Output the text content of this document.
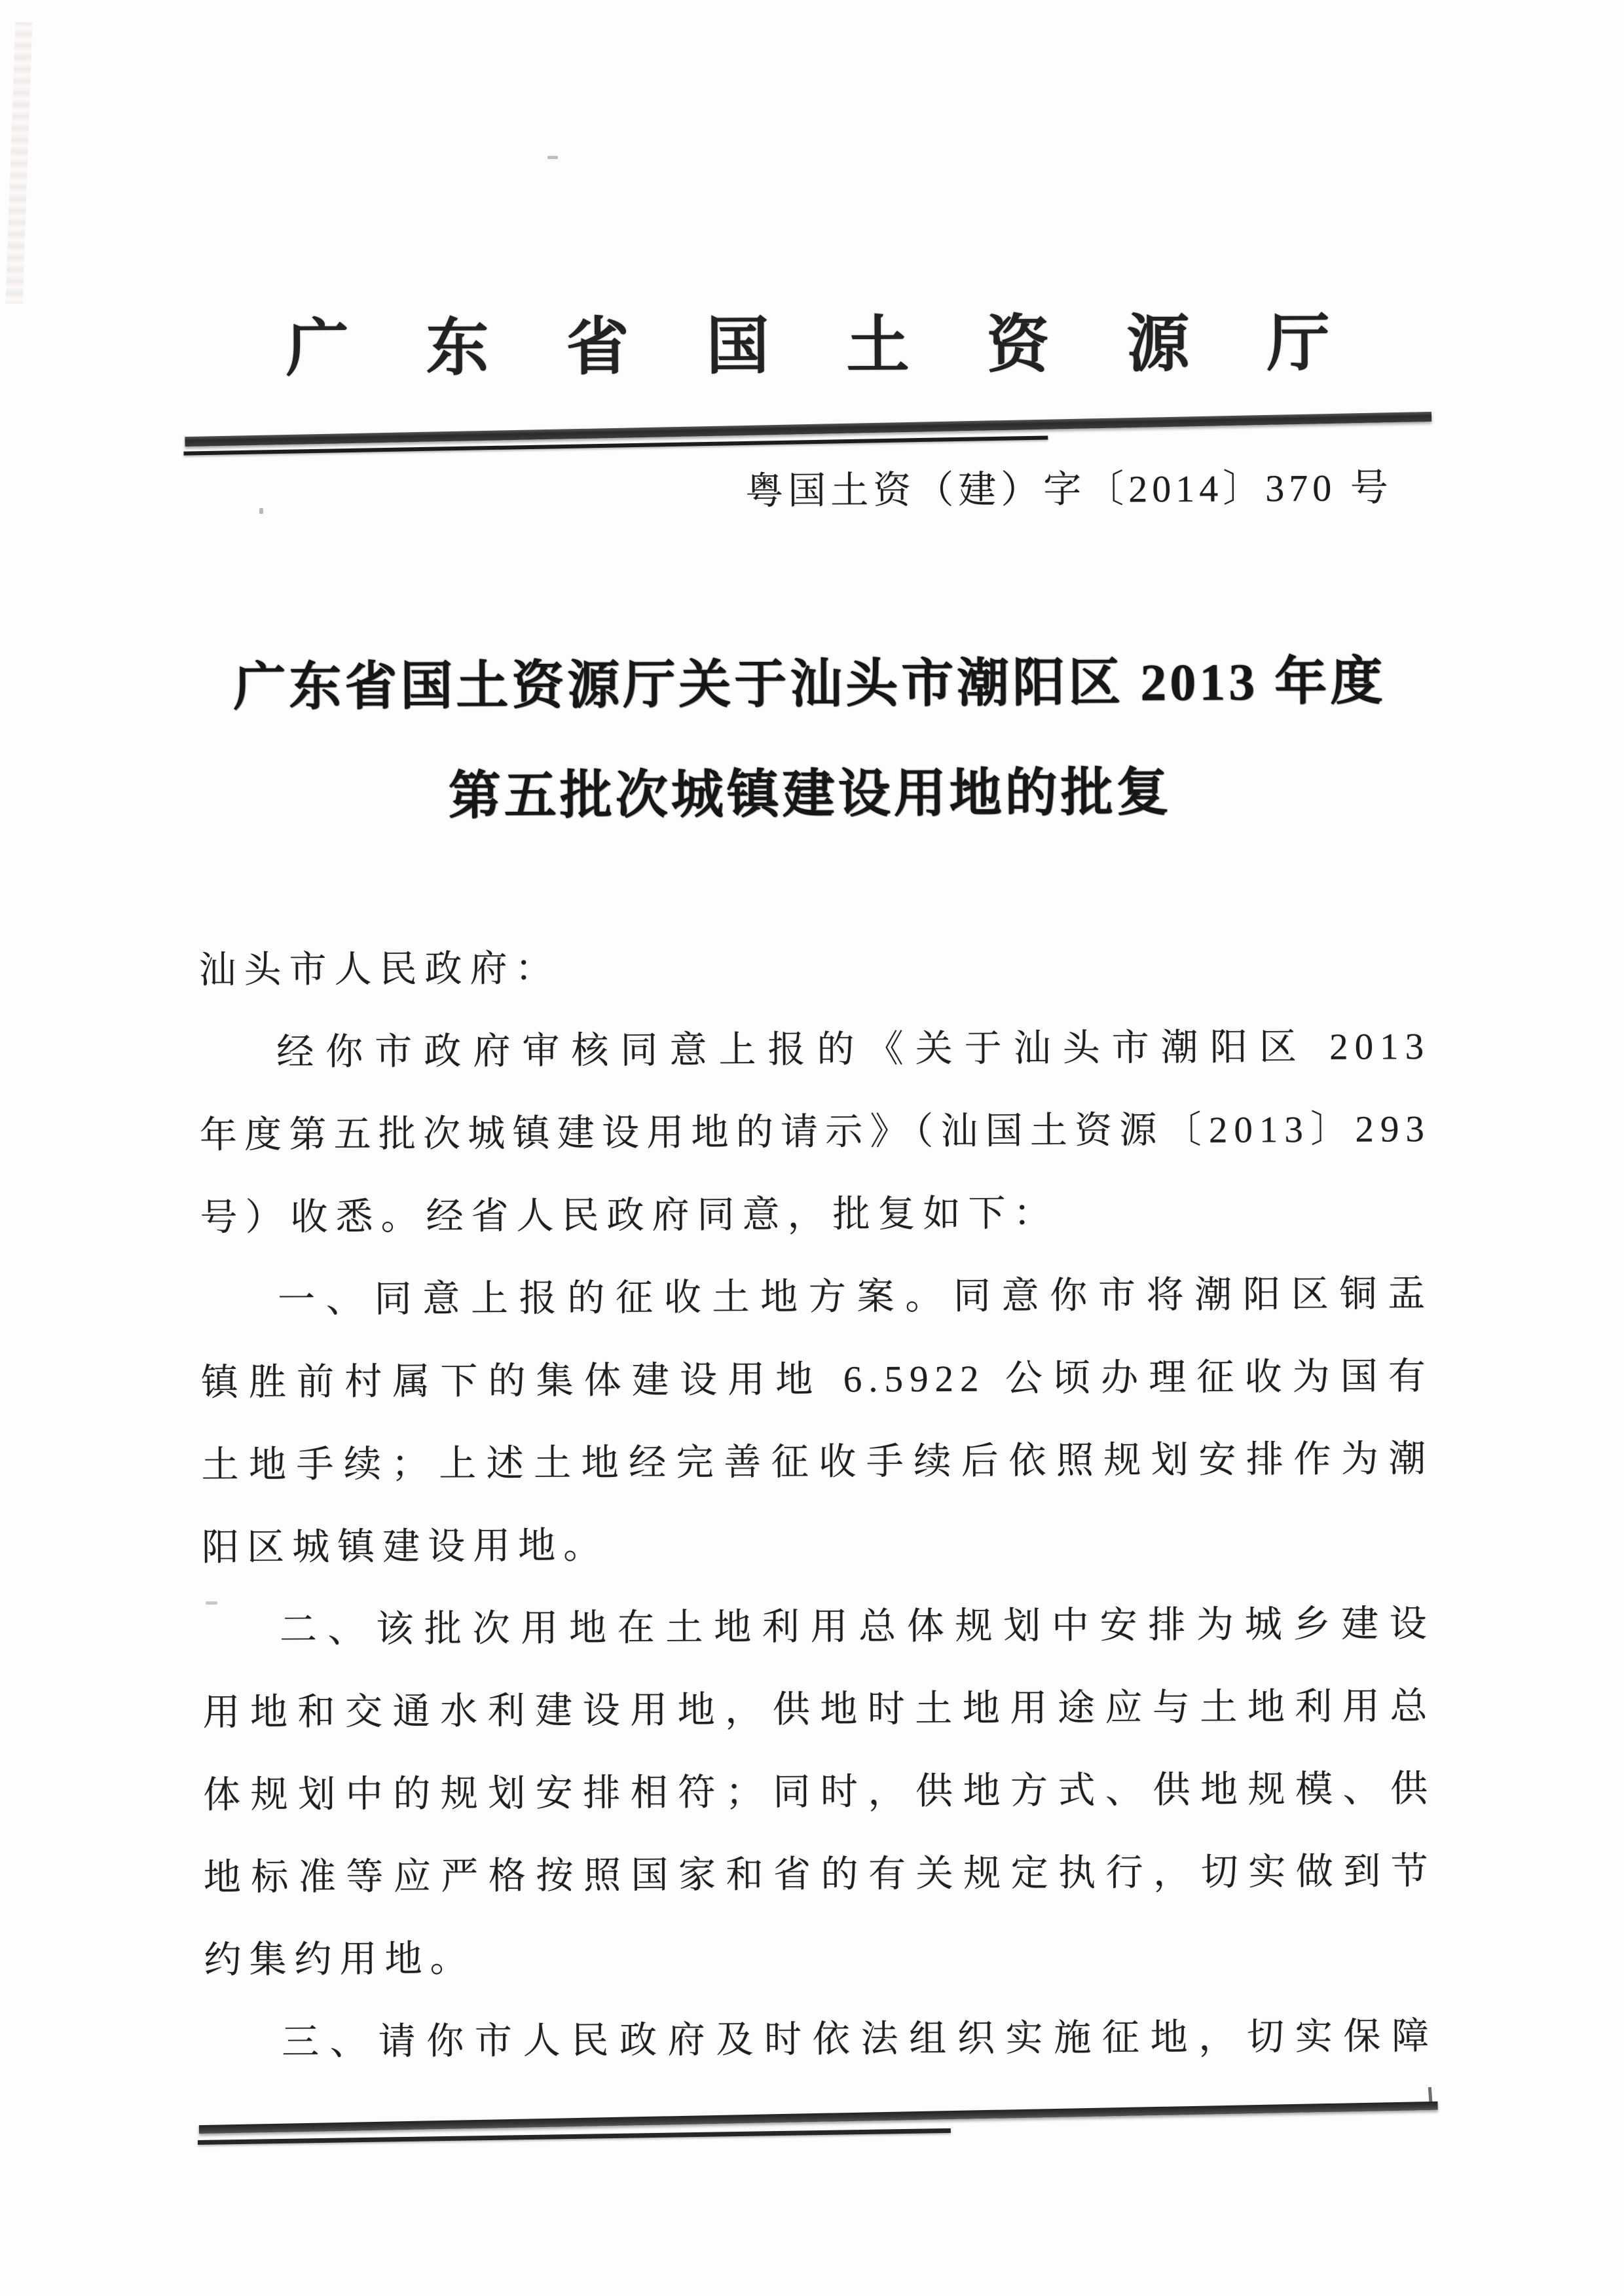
广东省国土资源厅
粤国土资（建）字〔2014〕370 号
广东省国土资源厅关于汕头市潮阳区 2013 年度
第五批次城镇建设用地的批复
汕头市人民政府：
经你市政府审核同意上报的《关于汕头市潮阳区 2013
年度第五批次城镇建设用地的请示》（汕国土资源〔2013〕293
号）收悉。经省人民政府同意，批复如下：
一、同意上报的征收土地方案。同意你市将潮阳区铜盂
镇胜前村属下的集体建设用地 6.5922 公顷办理征收为国有
土地手续；上述土地经完善征收手续后依照规划安排作为潮
阳区城镇建设用地。
二、该批次用地在土地利用总体规划中安排为城乡建设
用地和交通水利建设用地，供地时土地用途应与土地利用总
体规划中的规划安排相符；同时，供地方式、供地规模、供
地标准等应严格按照国家和省的有关规定执行，切实做到节
约集约用地。
三、请你市人民政府及时依法组织实施征地，切实保障
